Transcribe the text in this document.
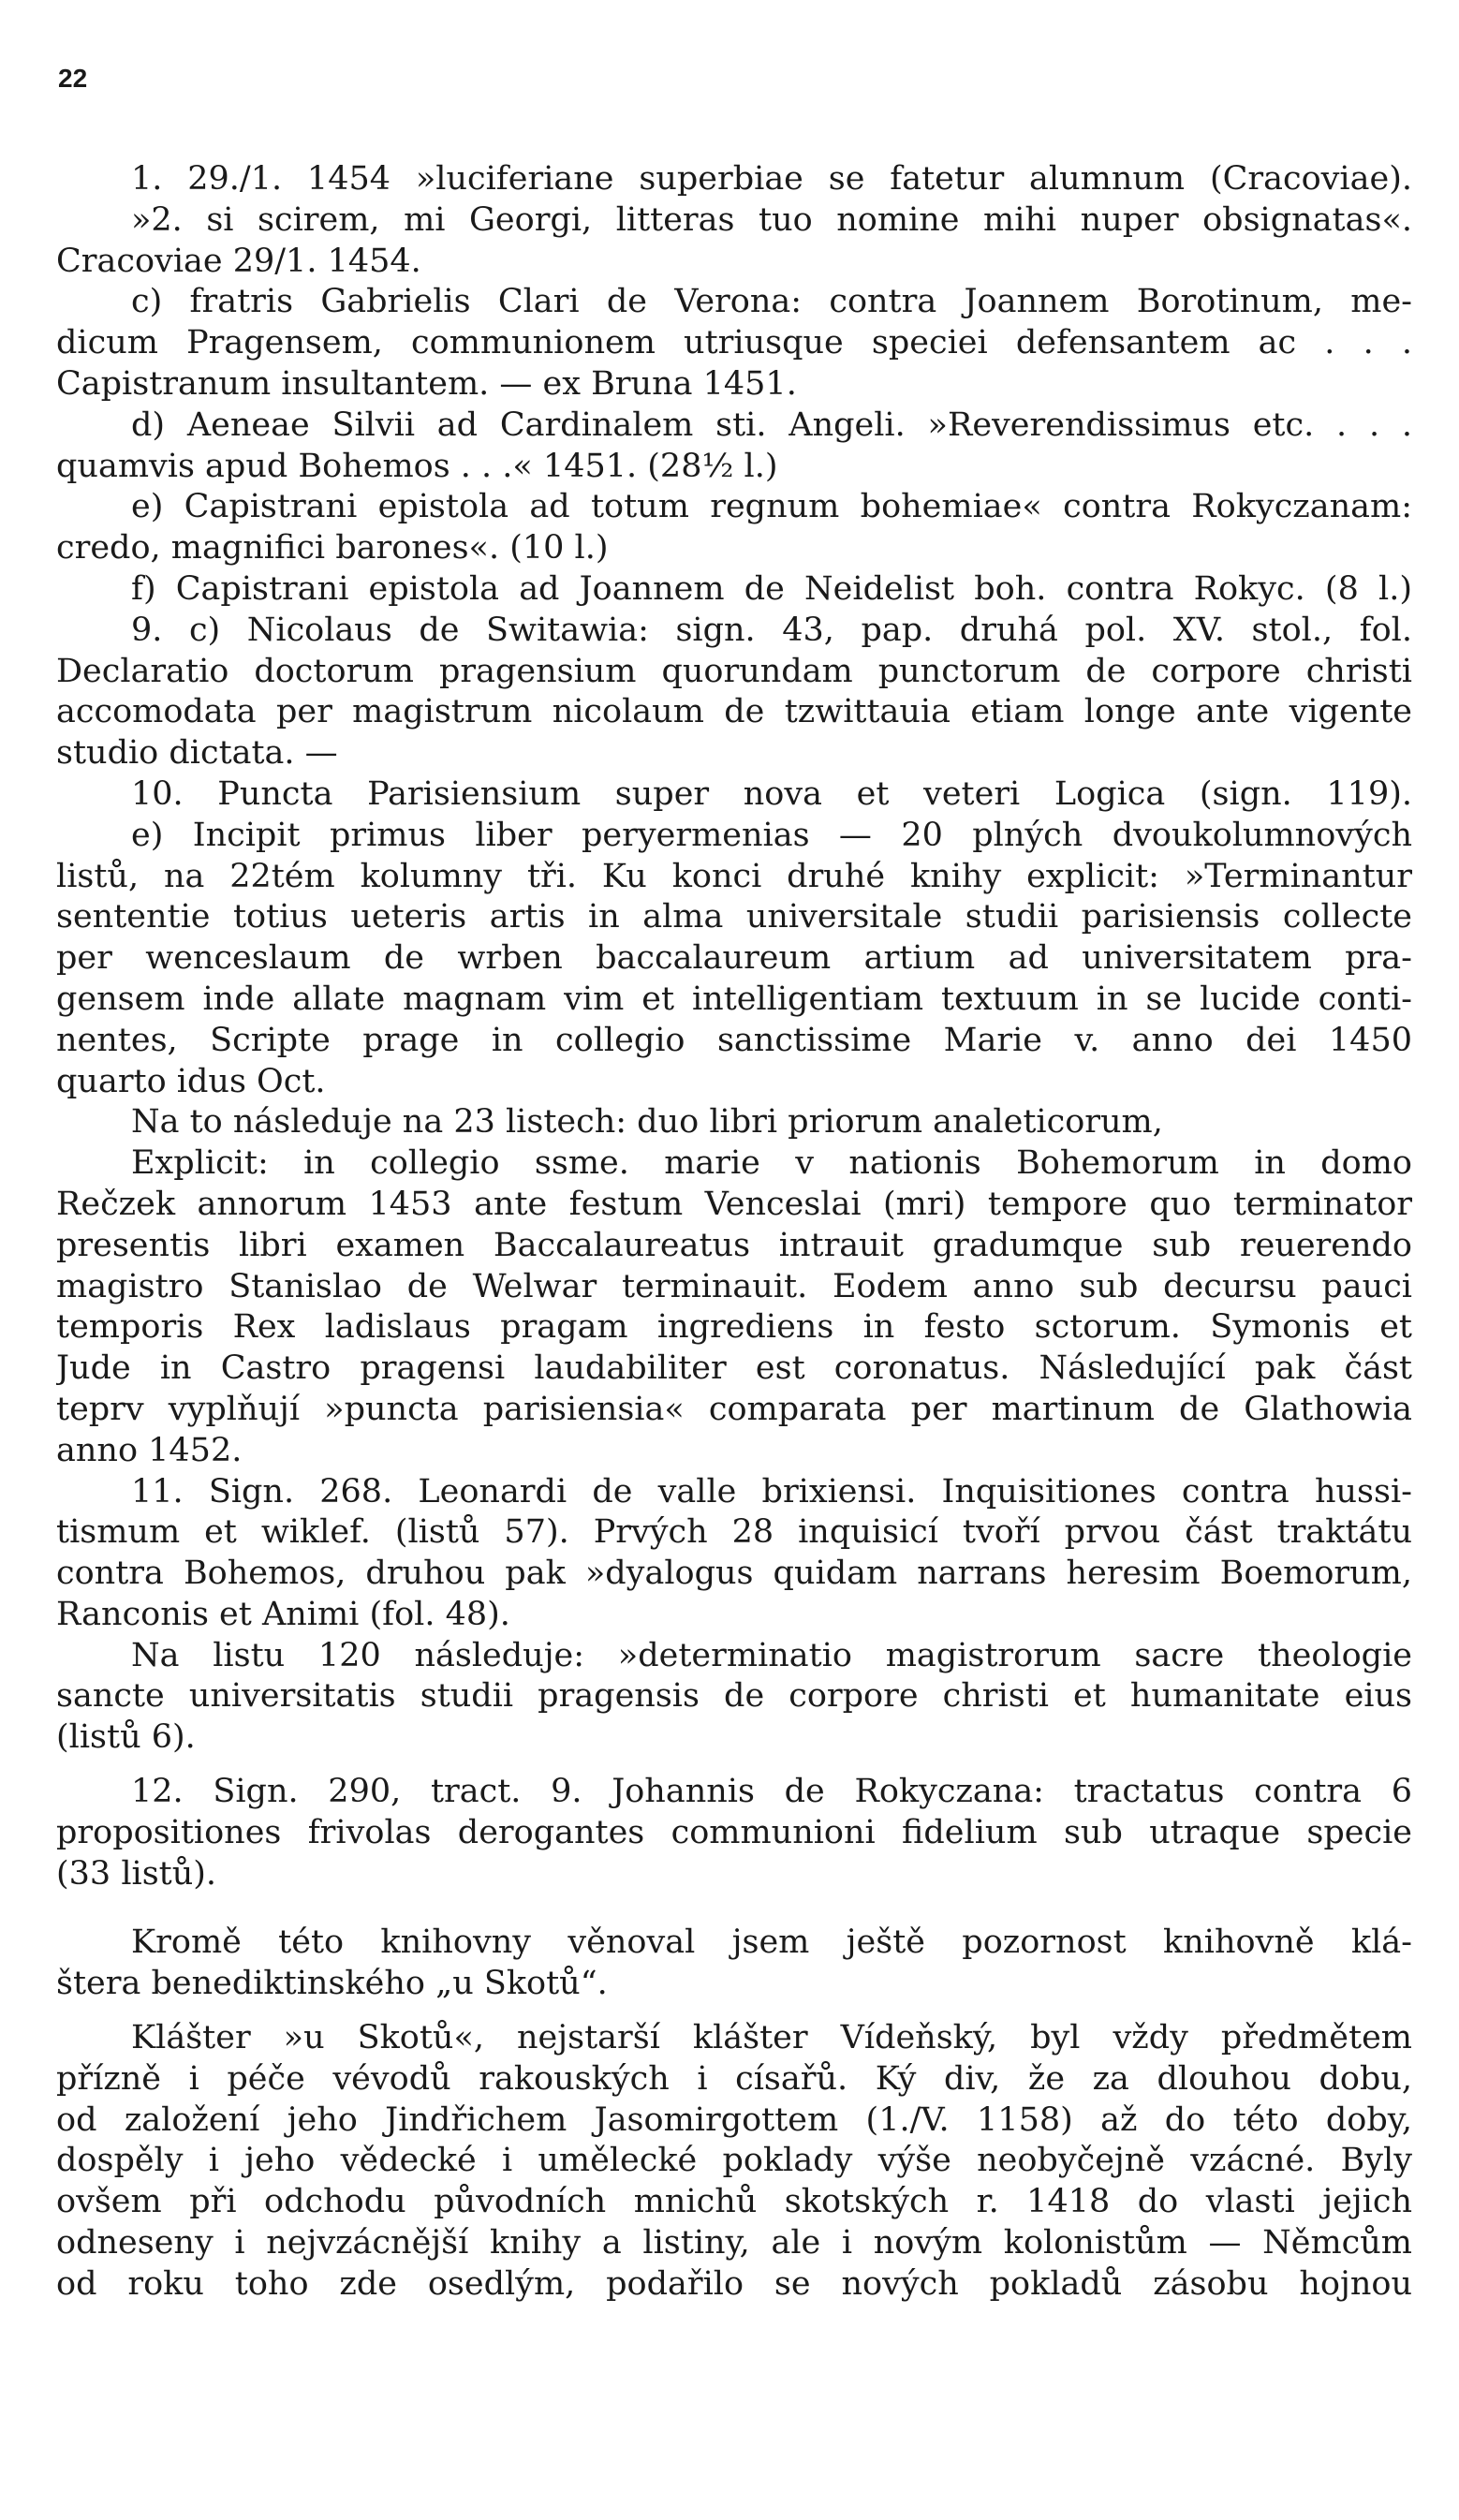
22
1. 29./1. 1454 »luciferiane superbiae se fatetur alumnum (Cracoviae).
»2. si scirem, mi Georgi, litteras tuo nomine mihi nuper obsignatas«.
Cracoviae 29/1. 1454.
c) fratris Gabrielis Clari de Verona: contra Joannem Borotinum, me-
dicum Pragensem, communionem utriusque speciei defensantem ac . . .
Capistranum insultantem. — ex Bruna 1451.
d) Aeneae Silvii ad Cardinalem sti. Angeli. »Reverendissimus etc. . . .
quamvis apud Bohemos . . .« 1451. (28½ l.)
e) Capistrani epistola ad totum regnum bohemiae« contra Rokyczanam:
credo, magnifici barones«. (10 l.)
f) Capistrani epistola ad Joannem de Neidelist boh. contra Rokyc. (8 l.)
9. c) Nicolaus de Switawia: sign. 43, pap. druhá pol. XV. stol., fol.
Declaratio doctorum pragensium quorundam punctorum de corpore christi
accomodata per magistrum nicolaum de tzwittauia etiam longe ante vigente
studio dictata. —
10. Puncta Parisiensium super nova et veteri Logica (sign. 119).
e) Incipit primus liber peryermenias — 20 plných dvoukolumnových
listů, na 22tém kolumny tři. Ku konci druhé knihy explicit: »Terminantur
sententie totius ueteris artis in alma universitale studii parisiensis collecte
per wenceslaum de wrben baccalaureum artium ad universitatem pra-
gensem inde allate magnam vim et intelligentiam textuum in se lucide conti-
nentes, Scripte prage in collegio sanctissime Marie v. anno dei 1450
quarto idus Oct.
Na to následuje na 23 listech: duo libri priorum analeticorum,
Explicit: in collegio ssme. marie v nationis Bohemorum in domo
Rečzek annorum 1453 ante festum Venceslai (mri) tempore quo terminator
presentis libri examen Baccalaureatus intrauit gradumque sub reuerendo
magistro Stanislao de Welwar terminauit. Eodem anno sub decursu pauci
temporis Rex ladislaus pragam ingrediens in festo sctorum. Symonis et
Jude in Castro pragensi laudabiliter est coronatus. Následující pak část
teprv vyplňují »puncta parisiensia« comparata per martinum de Glathowia
anno 1452.
11. Sign. 268. Leonardi de valle brixiensi. Inquisitiones contra hussi-
tismum et wiklef. (listů 57). Prvých 28 inquisicí tvoří prvou část traktátu
contra Bohemos, druhou pak »dyalogus quidam narrans heresim Boemorum,
Ranconis et Animi (fol. 48).
Na listu 120 následuje: »determinatio magistrorum sacre theologie
sancte universitatis studii pragensis de corpore christi et humanitate eius
(listů 6).
12. Sign. 290, tract. 9. Johannis de Rokyczana: tractatus contra 6
propositiones frivolas derogantes communioni fidelium sub utraque specie
(33 listů).
Kromě této knihovny věnoval jsem ještě pozornost knihovně klá-
štera benediktinského „u Skotů“.
Klášter »u Skotů«, nejstarší klášter Vídeňský, byl vždy předmětem
přízně i péče vévodů rakouských i císařů. Ký div, že za dlouhou dobu,
od založení jeho Jindřichem Jasomirgottem (1./V. 1158) až do této doby,
dospěly i jeho vědecké i umělecké poklady výše neobyčejně vzácné. Byly
ovšem při odchodu původních mnichů skotských r. 1418 do vlasti jejich
odneseny i nejvzácnější knihy a listiny, ale i novým kolonistům — Němcům
od roku toho zde osedlým, podařilo se nových pokladů zásobu hojnou
